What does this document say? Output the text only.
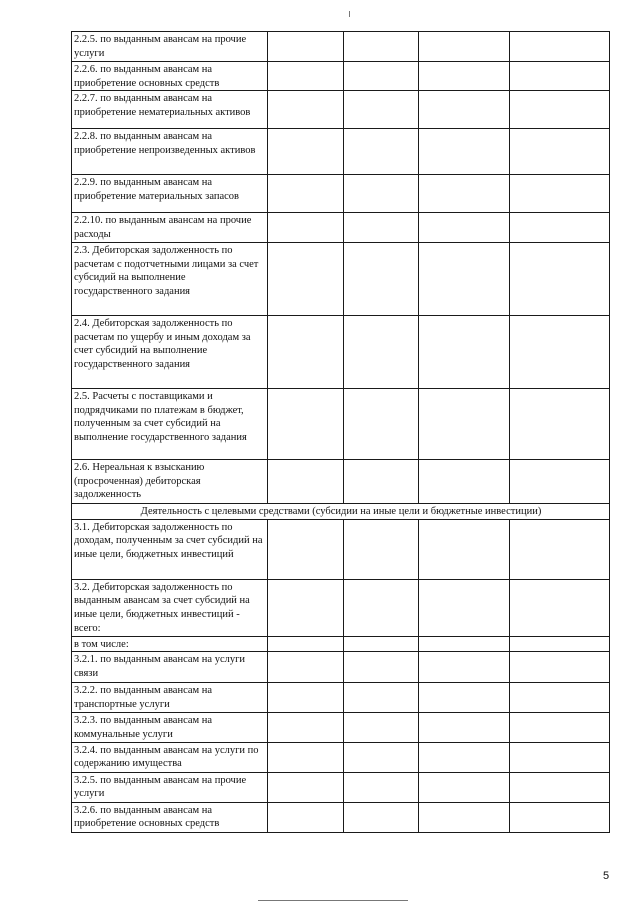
2.2.5. по выданным авансам на прочие услуги				
2.2.6. по выданным авансам на приобретение основных средств				
2.2.7. по выданным авансам на приобретение нематериальных активов				
2.2.8. по выданным авансам на приобретение непроизведенных активов				
2.2.9. по выданным авансам на приобретение материальных запасов				
2.2.10. по выданным авансам на прочие расходы				
2.3. Дебиторская задолженность по расчетам с подотчетными лицами за счет субсидий на выполнение государственного задания				
2.4. Дебиторская задолженность по расчетам по ущербу и иным доходам за счет субсидий на выполнение государственного задания				
2.5. Расчеты с поставщиками и подрядчиками по платежам в бюджет, полученным за счет субсидий на выполнение государственного задания				
2.6. Нереальная к взысканию (просроченная) дебиторская задолженность				
Деятельность с целевыми средствами (субсидии на иные цели и бюджетные инвестиции)				
3.1. Дебиторская задолженность по доходам, полученным за счет субсидий на иные цели, бюджетных инвестиций				
3.2. Дебиторская задолженность по выданным авансам за счет субсидий на иные цели, бюджетных инвестиций - всего:				
в том числе:				
3.2.1. по выданным авансам на услуги связи				
3.2.2. по выданным авансам на транспортные услуги				
3.2.3. по выданным авансам на коммунальные услуги				
3.2.4. по выданным авансам на услуги по содержанию имущества				
3.2.5. по выданным авансам на прочие услуги				
3.2.6. по выданным авансам на приобретение основных средств				
5
